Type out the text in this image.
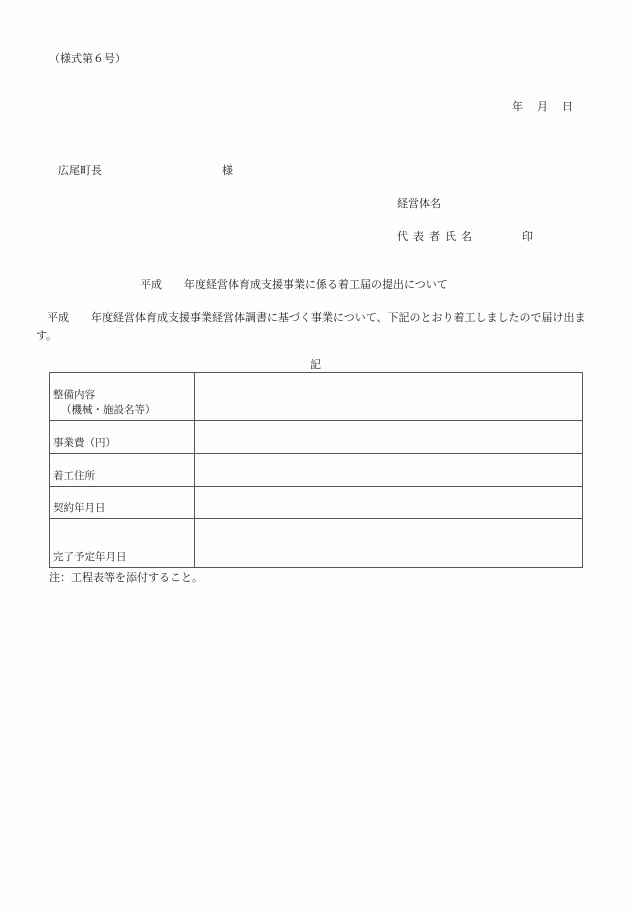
（様式第６号）
年 月 日
広尾町長	様
経営体名
代表者氏名	印
平成　　年度経営体育成支援事業に係る着工届の提出について
　平成　　年度経営体育成支援事業経営体調書に基づく事業について、下記のとおり着工しましたので届け出ます。
記
整備内容
（機械・施設名等）	

事業費（円）	

着工住所	

契約年月日	

完了予定年月日	

注：工程表等を添付すること。
